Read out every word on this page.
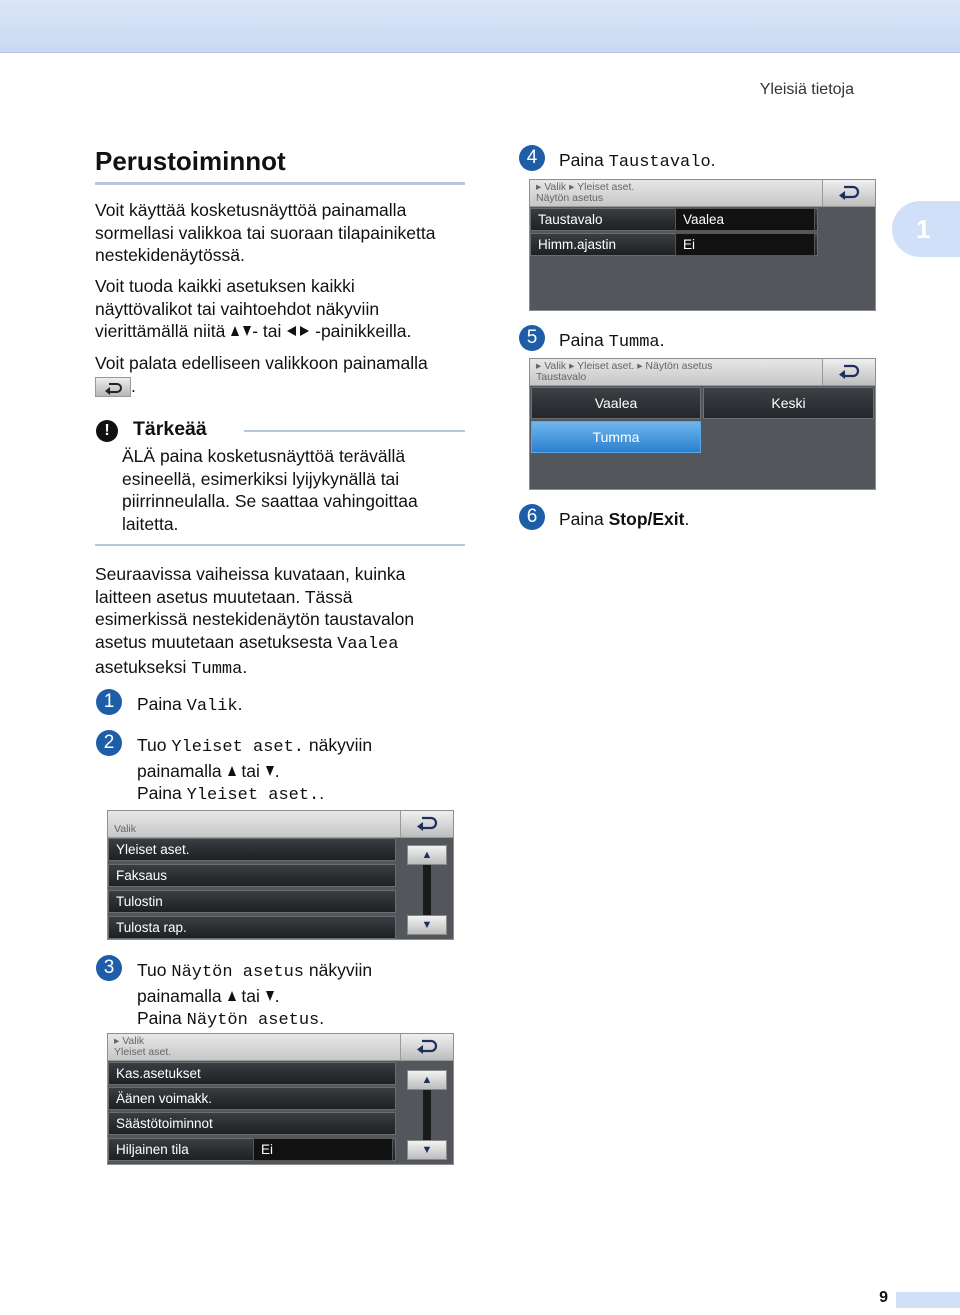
Yleisiä tietoja
1
Perustoiminnot

Voit käyttää kosketusnäyttöä painamalla
sormellasi valikkoa tai suoraan tilapainiketta
nestekidenäytössä.

Voit tuoda kaikki asetuksen kaikki
näyttövalikot tai vaihtoehdot näkyviin
vierittämällä niitä - tai  -painikkeilla.

Voit palata edelliseen valikkoon painamalla
.

!	Tärkeää

ÄLÄ paina kosketusnäyttöä terävällä
esineellä, esimerkiksi lyijykynällä tai
piirrinneulalla. Se saattaa vahingoittaa
laitetta.

Seuraavissa vaiheissa kuvataan, kuinka
laitteen asetus muutetaan. Tässä
esimerkissä nestekidenäytön taustavalon
asetus muutetaan asetuksesta Vaalea
asetukseksi Tumma.

1	Paina Valik.
2	Tuo Yleiset aset. näkyviin
painamalla  tai .
Paina Yleiset aset..
Valik
Yleiset aset.
Faksaus
Tulostin
Tulosta rap.
▲
▼
3	Tuo Näytön asetus näkyviin
painamalla  tai .
Paina Näytön asetus.
▸ Valik
Yleiset aset.
Kas.asetukset
Äänen voimakk.
Säästötoiminnot
Hiljainen tila	Ei
▲
▼
4	Paina Taustavalo.
▸ Valik ▸ Yleiset aset.
Näytön asetus
Taustavalo	Vaalea
Himm.ajastin	Ei
5	Paina Tumma.
▸ Valik ▸ Yleiset aset. ▸ Näytön asetus
Taustavalo
Vaalea	Keski
Tumma
6	Paina Stop/Exit.
9
